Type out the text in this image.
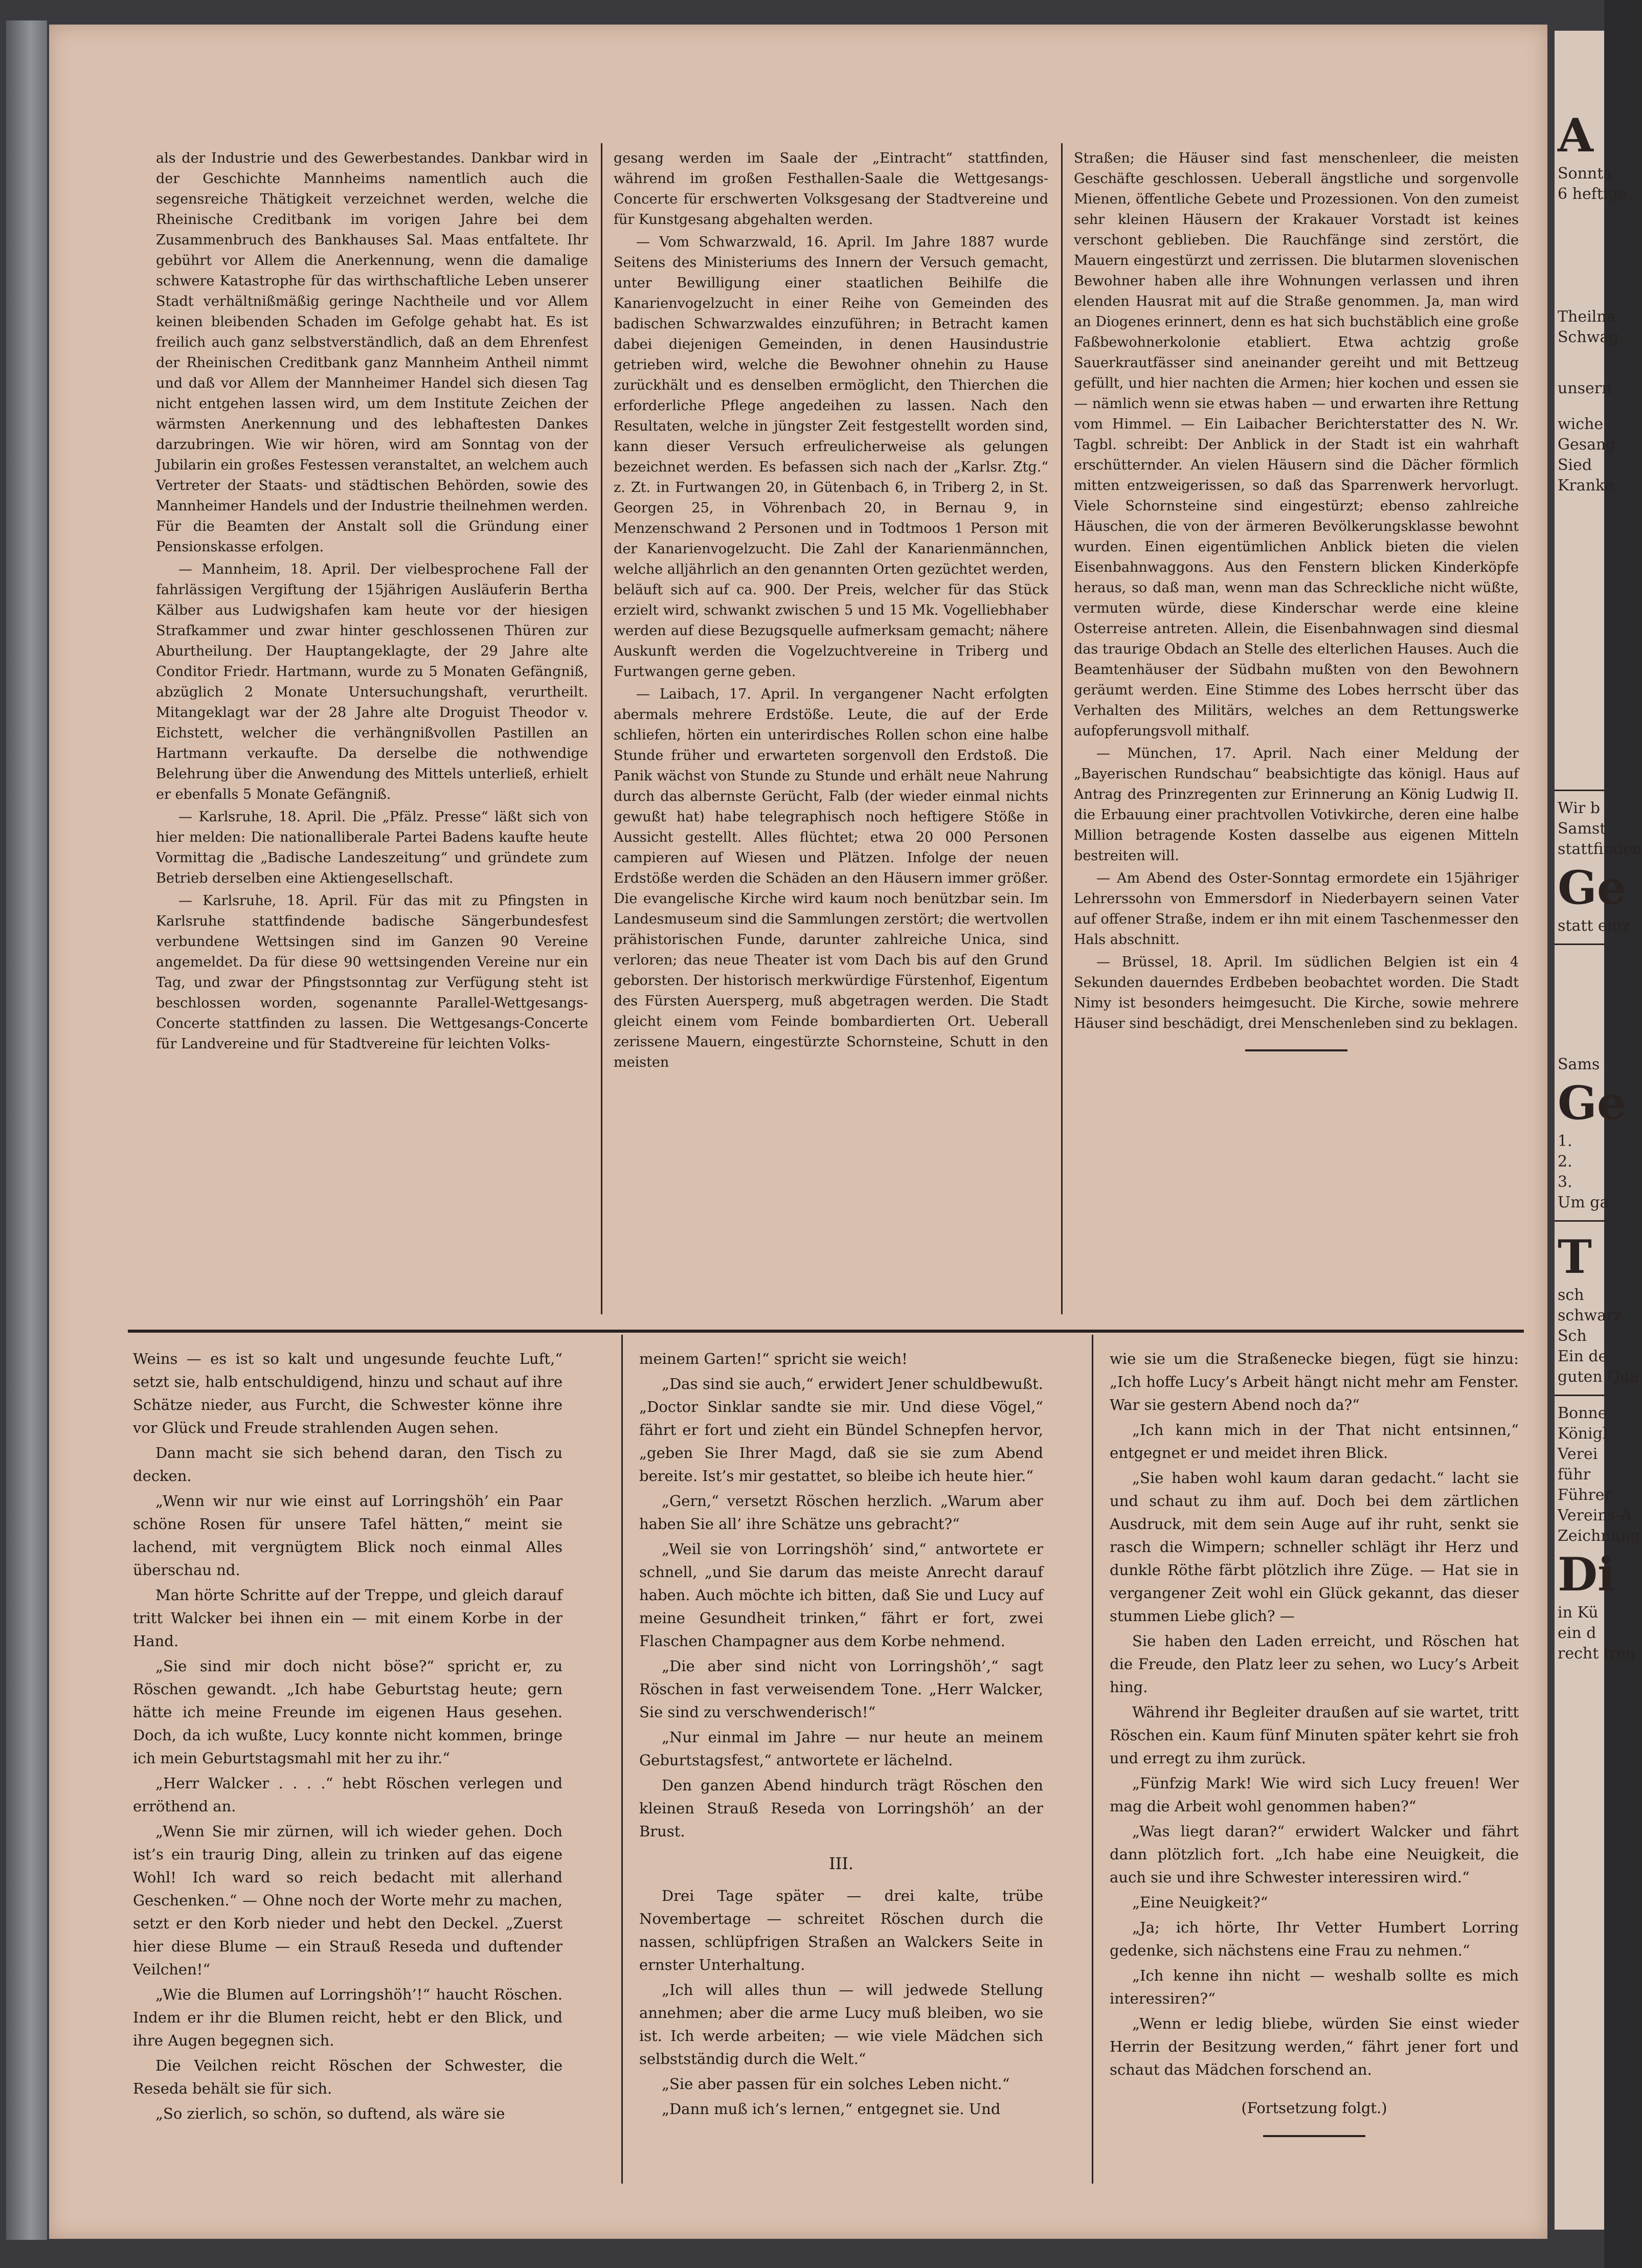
als der Industrie und des Gewerbestandes. Dankbar wird in der Geschichte Mannheims namentlich auch die segensreiche Thätigkeit verzeichnet werden, welche die Rheinische Creditbank im vorigen Jahre bei dem Zusammenbruch des Bankhauses Sal. Maas entfaltete. Ihr gebührt vor Allem die Anerkennung, wenn die damalige schwere Katastrophe für das wirthschaftliche Leben unserer Stadt verhältnißmäßig geringe Nachtheile und vor Allem keinen bleibenden Schaden im Gefolge gehabt hat. Es ist freilich auch ganz selbstverständlich, daß an dem Ehrenfest der Rheinischen Creditbank ganz Mannheim Antheil nimmt und daß vor Allem der Mannheimer Handel sich diesen Tag nicht entgehen lassen wird, um dem Institute Zeichen der wärmsten Anerkennung und des lebhaftesten Dankes darzubringen. Wie wir hören, wird am Sonntag von der Jubilarin ein großes Festessen veranstaltet, an welchem auch Vertreter der Staats- und städtischen Behörden, sowie des Mannheimer Handels und der Industrie theilnehmen werden. Für die Beamten der Anstalt soll die Gründung einer Pensionskasse erfolgen.

— Mannheim, 18. April. Der vielbesprochene Fall der fahrlässigen Vergiftung der 15jährigen Ausläuferin Bertha Kälber aus Ludwigshafen kam heute vor der hiesigen Strafkammer und zwar hinter geschlossenen Thüren zur Aburtheilung. Der Hauptangeklagte, der 29 Jahre alte Conditor Friedr. Hartmann, wurde zu 5 Monaten Gefängniß, abzüglich 2 Monate Untersuchungshaft, verurtheilt. Mitangeklagt war der 28 Jahre alte Droguist Theodor v. Eichstett, welcher die verhängnißvollen Pastillen an Hartmann verkaufte. Da derselbe die nothwendige Belehrung über die Anwendung des Mittels unterließ, erhielt er ebenfalls 5 Monate Gefängniß.

— Karlsruhe, 18. April. Die „Pfälz. Presse“ läßt sich von hier melden: Die nationalliberale Partei Badens kaufte heute Vormittag die „Badische Landeszeitung“ und gründete zum Betrieb derselben eine Aktiengesellschaft.

— Karlsruhe, 18. April. Für das mit zu Pfingsten in Karlsruhe stattfindende badische Sängerbundesfest verbundene Wettsingen sind im Ganzen 90 Vereine angemeldet. Da für diese 90 wettsingenden Vereine nur ein Tag, und zwar der Pfingstsonntag zur Verfügung steht ist beschlossen worden, sogenannte Parallel-Wettgesangs-Concerte stattfinden zu lassen. Die Wettgesangs-Concerte für Landvereine und für Stadtvereine für leichten Volks-

gesang werden im Saale der „Eintracht“ stattfinden, während im großen Festhallen-Saale die Wettgesangs-Concerte für erschwerten Volksgesang der Stadtvereine und für Kunstgesang abgehalten werden.

— Vom Schwarzwald, 16. April. Im Jahre 1887 wurde Seitens des Ministeriums des Innern der Versuch gemacht, unter Bewilligung einer staatlichen Beihilfe die Kanarienvogelzucht in einer Reihe von Gemeinden des badischen Schwarzwaldes einzuführen; in Betracht kamen dabei diejenigen Gemeinden, in denen Hausindustrie getrieben wird, welche die Bewohner ohnehin zu Hause zurückhält und es denselben ermöglicht, den Thierchen die erforderliche Pflege angedeihen zu lassen. Nach den Resultaten, welche in jüngster Zeit festgestellt worden sind, kann dieser Versuch erfreulicherweise als gelungen bezeichnet werden. Es befassen sich nach der „Karlsr. Ztg.“ z. Zt. in Furtwangen 20, in Gütenbach 6, in Triberg 2, in St. Georgen 25, in Vöhrenbach 20, in Bernau 9, in Menzenschwand 2 Personen und in Todtmoos 1 Person mit der Kanarienvogelzucht. Die Zahl der Kanarienmännchen, welche alljährlich an den genannten Orten gezüchtet werden, beläuft sich auf ca. 900. Der Preis, welcher für das Stück erzielt wird, schwankt zwischen 5 und 15 Mk. Vogelliebhaber werden auf diese Bezugsquelle aufmerksam gemacht; nähere Auskunft werden die Vogelzuchtvereine in Triberg und Furtwangen gerne geben.

— Laibach, 17. April. In vergangener Nacht erfolgten abermals mehrere Erdstöße. Leute, die auf der Erde schliefen, hörten ein unterirdisches Rollen schon eine halbe Stunde früher und erwarteten sorgenvoll den Erdstoß. Die Panik wächst von Stunde zu Stunde und erhält neue Nahrung durch das albernste Gerücht, Falb (der wieder einmal nichts gewußt hat) habe telegraphisch noch heftigere Stöße in Aussicht gestellt. Alles flüchtet; etwa 20 000 Personen campieren auf Wiesen und Plätzen. Infolge der neuen Erdstöße werden die Schäden an den Häusern immer größer. Die evangelische Kirche wird kaum noch benützbar sein. Im Landesmuseum sind die Sammlungen zerstört; die wertvollen prähistorischen Funde, darunter zahlreiche Unica, sind verloren; das neue Theater ist vom Dach bis auf den Grund geborsten. Der historisch merkwürdige Fürstenhof, Eigentum des Fürsten Auersperg, muß abgetragen werden. Die Stadt gleicht einem vom Feinde bombardierten Ort. Ueberall zerissene Mauern, eingestürzte Schornsteine, Schutt in den meisten

Straßen; die Häuser sind fast menschenleer, die meisten Geschäfte geschlossen. Ueberall ängstliche und sorgenvolle Mienen, öffentliche Gebete und Prozessionen. Von den zumeist sehr kleinen Häusern der Krakauer Vorstadt ist keines verschont geblieben. Die Rauchfänge sind zerstört, die Mauern eingestürzt und zerrissen. Die blutarmen slovenischen Bewohner haben alle ihre Wohnungen verlassen und ihren elenden Hausrat mit auf die Straße genommen. Ja, man wird an Diogenes erinnert, denn es hat sich buchstäblich eine große Faßbewohnerkolonie etabliert. Etwa achtzig große Sauerkrautfässer sind aneinander gereiht und mit Bettzeug gefüllt, und hier nachten die Armen; hier kochen und essen sie — nämlich wenn sie etwas haben — und erwarten ihre Rettung vom Himmel. — Ein Laibacher Berichterstatter des N. Wr. Tagbl. schreibt: Der Anblick in der Stadt ist ein wahrhaft erschütternder. An vielen Häusern sind die Dächer förmlich mitten entzweigerissen, so daß das Sparrenwerk hervorlugt. Viele Schornsteine sind eingestürzt; ebenso zahlreiche Häuschen, die von der ärmeren Bevölkerungsklasse bewohnt wurden. Einen eigentümlichen Anblick bieten die vielen Eisenbahnwaggons. Aus den Fenstern blicken Kinderköpfe heraus, so daß man, wenn man das Schreckliche nicht wüßte, vermuten würde, diese Kinderschar werde eine kleine Osterreise antreten. Allein, die Eisenbahnwagen sind diesmal das traurige Obdach an Stelle des elterlichen Hauses. Auch die Beamtenhäuser der Südbahn mußten von den Bewohnern geräumt werden. Eine Stimme des Lobes herrscht über das Verhalten des Militärs, welches an dem Rettungswerke aufopferungsvoll mithalf.

— München, 17. April. Nach einer Meldung der „Bayerischen Rundschau“ beabsichtigte das königl. Haus auf Antrag des Prinzregenten zur Erinnerung an König Ludwig II. die Erbauung einer prachtvollen Votivkirche, deren eine halbe Million betragende Kosten dasselbe aus eigenen Mitteln bestreiten will.

— Am Abend des Oster-Sonntag ermordete ein 15jähriger Lehrerssohn von Emmersdorf in Niederbayern seinen Vater auf offener Straße, indem er ihn mit einem Taschenmesser den Hals abschnitt.

— Brüssel, 18. April. Im südlichen Belgien ist ein 4 Sekunden dauerndes Erdbeben beobachtet worden. Die Stadt Nimy ist besonders heimgesucht. Die Kirche, sowie mehrere Häuser sind beschädigt, drei Menschenleben sind zu beklagen.

Weins — es ist so kalt und ungesunde feuchte Luft,“ setzt sie, halb entschuldigend, hinzu und schaut auf ihre Schätze nieder, aus Furcht, die Schwester könne ihre vor Glück und Freude strahlenden Augen sehen.

Dann macht sie sich behend daran, den Tisch zu decken.

„Wenn wir nur wie einst auf Lorringshöh’ ein Paar schöne Rosen für unsere Tafel hätten,“ meint sie lachend, mit vergnügtem Blick noch einmal Alles überschau nd.

Man hörte Schritte auf der Treppe, und gleich darauf tritt Walcker bei ihnen ein — mit einem Korbe in der Hand.

„Sie sind mir doch nicht böse?“ spricht er, zu Röschen gewandt. „Ich habe Geburtstag heute; gern hätte ich meine Freunde im eigenen Haus gesehen. Doch, da ich wußte, Lucy konnte nicht kommen, bringe ich mein Geburtstagsmahl mit her zu ihr.“

„Herr Walcker . . . .“ hebt Röschen verlegen und erröthend an.

„Wenn Sie mir zürnen, will ich wieder gehen. Doch ist’s ein traurig Ding, allein zu trinken auf das eigene Wohl! Ich ward so reich bedacht mit allerhand Geschenken.“ — Ohne noch der Worte mehr zu machen, setzt er den Korb nieder und hebt den Deckel. „Zuerst hier diese Blume — ein Strauß Reseda und duftender Veilchen!“

„Wie die Blumen auf Lorringshöh’!“ haucht Röschen. Indem er ihr die Blumen reicht, hebt er den Blick, und ihre Augen begegnen sich.

Die Veilchen reicht Röschen der Schwester, die Reseda behält sie für sich.

„So zierlich, so schön, so duftend, als wäre sie

meinem Garten!“ spricht sie weich!

„Das sind sie auch,“ erwidert Jener schuldbewußt. „Doctor Sinklar sandte sie mir. Und diese Vögel,“ fährt er fort und zieht ein Bündel Schnepfen hervor, „geben Sie Ihrer Magd, daß sie sie zum Abend bereite. Ist’s mir gestattet, so bleibe ich heute hier.“

„Gern,“ versetzt Röschen herzlich. „Warum aber haben Sie all’ ihre Schätze uns gebracht?“

„Weil sie von Lorringshöh’ sind,“ antwortete er schnell, „und Sie darum das meiste Anrecht darauf haben. Auch möchte ich bitten, daß Sie und Lucy auf meine Gesundheit trinken,“ fährt er fort, zwei Flaschen Champagner aus dem Korbe nehmend.

„Die aber sind nicht von Lorringshöh’,“ sagt Röschen in fast verweisendem Tone. „Herr Walcker, Sie sind zu verschwenderisch!“

„Nur einmal im Jahre — nur heute an meinem Geburtstagsfest,“ antwortete er lächelnd.

Den ganzen Abend hindurch trägt Röschen den kleinen Strauß Reseda von Lorringshöh’ an der Brust.

III.

Drei Tage später — drei kalte, trübe Novembertage — schreitet Röschen durch die nassen, schlüpfrigen Straßen an Walckers Seite in ernster Unterhaltung.

„Ich will alles thun — will jedwede Stellung annehmen; aber die arme Lucy muß bleiben, wo sie ist. Ich werde arbeiten; — wie viele Mädchen sich selbstständig durch die Welt.“

„Sie aber passen für ein solches Leben nicht.“

„Dann muß ich’s lernen,“ entgegnet sie. Und

wie sie um die Straßenecke biegen, fügt sie hinzu: „Ich hoffe Lucy’s Arbeit hängt nicht mehr am Fenster. War sie gestern Abend noch da?“

„Ich kann mich in der That nicht entsinnen,“ entgegnet er und meidet ihren Blick.

„Sie haben wohl kaum daran gedacht.“ lacht sie und schaut zu ihm auf. Doch bei dem zärtlichen Ausdruck, mit dem sein Auge auf ihr ruht, senkt sie rasch die Wimpern; schneller schlägt ihr Herz und dunkle Röthe färbt plötzlich ihre Züge. — Hat sie in vergangener Zeit wohl ein Glück gekannt, das dieser stummen Liebe glich? —

Sie haben den Laden erreicht, und Röschen hat die Freude, den Platz leer zu sehen, wo Lucy’s Arbeit hing.

Während ihr Begleiter draußen auf sie wartet, tritt Röschen ein. Kaum fünf Minuten später kehrt sie froh und erregt zu ihm zurück.

„Fünfzig Mark! Wie wird sich Lucy freuen! Wer mag die Arbeit wohl genommen haben?“

„Was liegt daran?“ erwidert Walcker und fährt dann plötzlich fort. „Ich habe eine Neuigkeit, die auch sie und ihre Schwester interessiren wird.“

„Eine Neuigkeit?“

„Ja; ich hörte, Ihr Vetter Humbert Lorring gedenke, sich nächstens eine Frau zu nehmen.“

„Ich kenne ihn nicht — weshalb sollte es mich interessiren?“

„Wenn er ledig bliebe, würden Sie einst wieder Herrin der Besitzung werden,“ fährt jener fort und schaut das Mädchen forschend an.

(Fortsetzung folgt.)

A
Sonnta
6 heftige
Theilna
Schwag
unsern
wiche
Gesang
Sied
Kranke
Wir b
Samst
stattfinden
Ge
statt einz
Sams
Ge
1.
2.
3.
Um ga
T
sch
schwarz
Sch
Ein de
guten Qua
Bonne
Königl.
Verei
führ
Führer
Vereins-A
Zeichnung
Di
in Kü
ein d
recht freu
